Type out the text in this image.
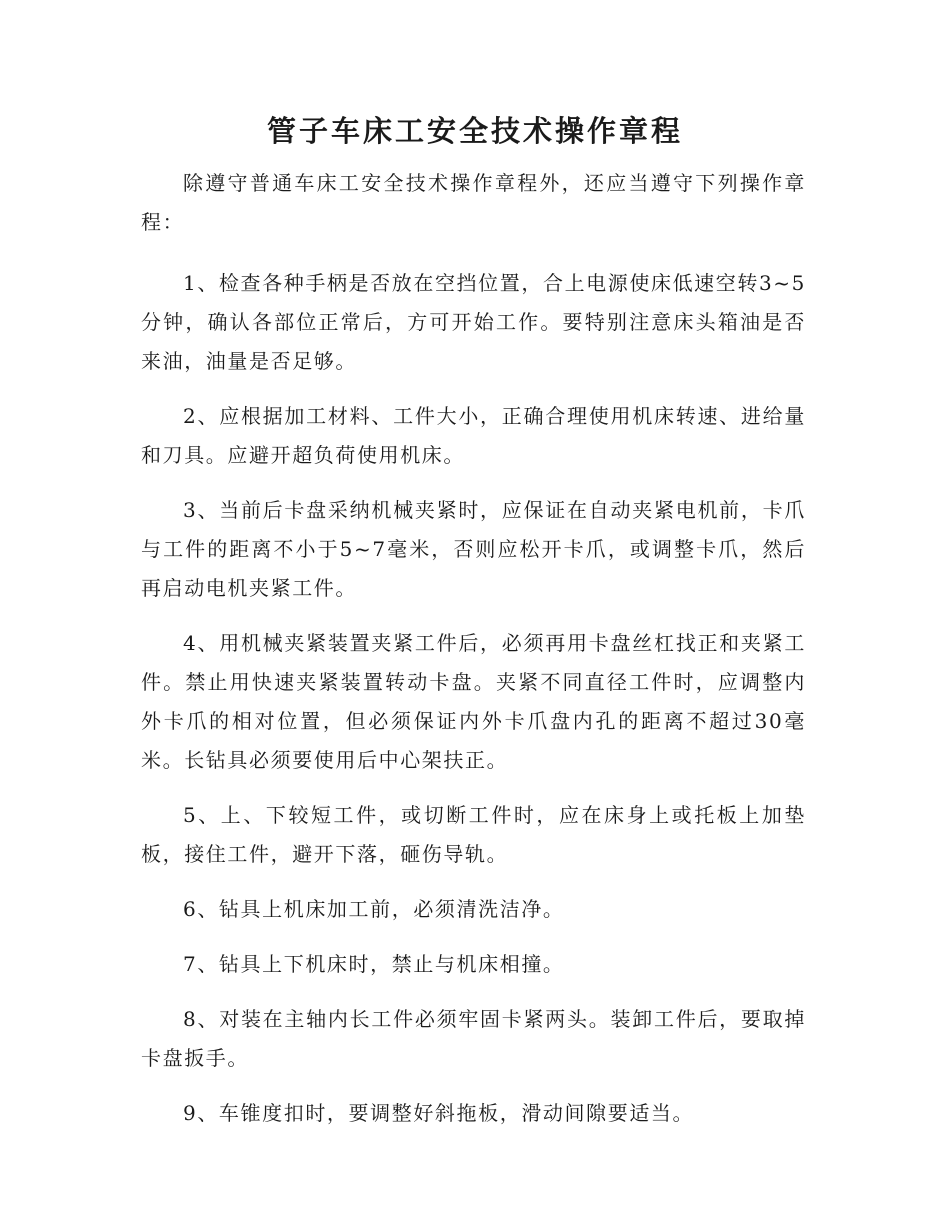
管子车床工安全技术操作章程

除遵守普通车床工安全技术操作章程外，还应当遵守下列操作章程：

1、检查各种手柄是否放在空挡位置，合上电源使床低速空转3~5分钟，确认各部位正常后，方可开始工作。要特别注意床头箱油是否来油，油量是否足够。

2、应根据加工材料、工件大小，正确合理使用机床转速、进给量和刀具。应避开超负荷使用机床。

3、当前后卡盘采纳机械夹紧时，应保证在自动夹紧电机前，卡爪与工件的距离不小于5~7毫米，否则应松开卡爪，或调整卡爪，然后再启动电机夹紧工件。

4、用机械夹紧装置夹紧工件后，必须再用卡盘丝杠找正和夹紧工件。禁止用快速夹紧装置转动卡盘。夹紧不同直径工件时，应调整内外卡爪的相对位置，但必须保证内外卡爪盘内孔的距离不超过30毫米。长钻具必须要使用后中心架扶正。

5、上、下较短工件，或切断工件时，应在床身上或托板上加垫板，接住工件，避开下落，砸伤导轨。

6、钻具上机床加工前，必须清洗洁净。

7、钻具上下机床时，禁止与机床相撞。

8、对装在主轴内长工件必须牢固卡紧两头。装卸工件后，要取掉卡盘扳手。

9、车锥度扣时，要调整好斜拖板，滑动间隙要适当。
